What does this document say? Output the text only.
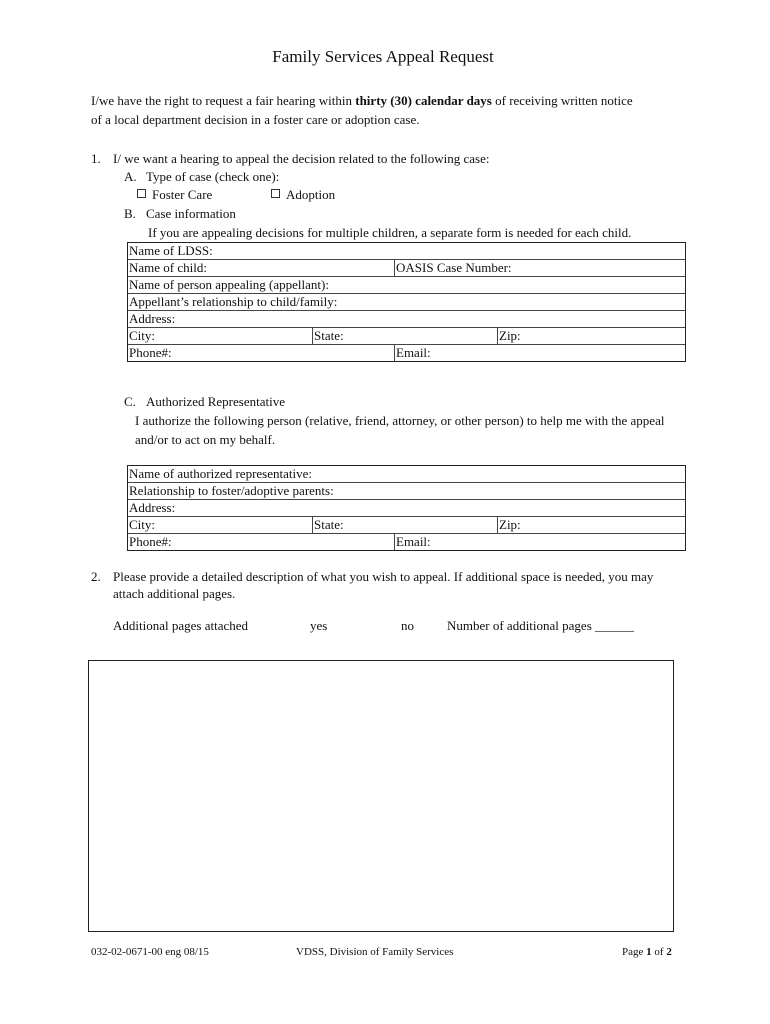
Family Services Appeal Request
I/we have the right to request a fair hearing within thirty (30) calendar days of receiving written notice
of a local department decision in a foster care or adoption case.
1. I/ we want a hearing to appeal the decision related to the following case:
A. Type of case (check one):
Foster Care	Adoption
B. Case information
If you are appealing decisions for multiple children, a separate form is needed for each child.
Name of LDSS:
Name of child:	OASIS Case Number:
Name of person appealing (appellant):
Appellant’s relationship to child/family:
Address:
City:	State:	Zip:
Phone#:	Email:
C. Authorized Representative
I authorize the following person (relative, friend, attorney, or other person) to help me with the appeal
and/or to act on my behalf.
Name of authorized representative:
Relationship to foster/adoptive parents:
Address:
City:	State:	Zip:
Phone#:	Email:
2. Please provide a detailed description of what you wish to appeal. If additional space is needed, you may
attach additional pages.
Additional pages attached	yes	no	Number of additional pages ______
032-02-0671-00 eng 08/15	VDSS, Division of Family Services	Page 1 of 2
